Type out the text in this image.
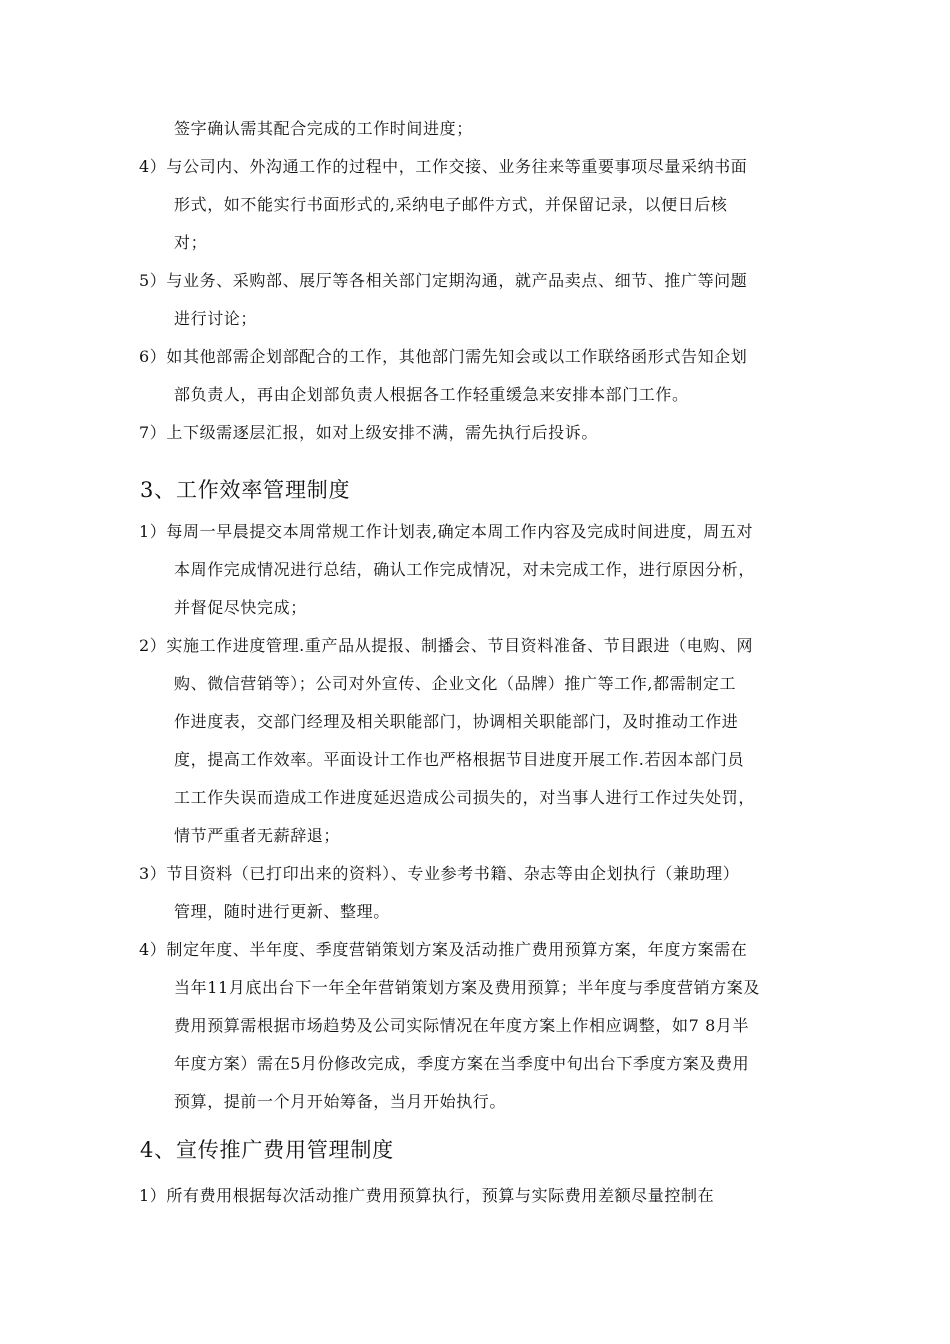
签字确认需其配合完成的工作时间进度；
4）与公司内、外沟通工作的过程中，工作交接、业务往来等重要事项尽量采纳书面
形式，如不能实行书面形式的,采纳电子邮件方式，并保留记录，以便日后核
对；
5）与业务、采购部、展厅等各相关部门定期沟通，就产品卖点、细节、推广等问题
进行讨论；
6）如其他部需企划部配合的工作，其他部门需先知会或以工作联络函形式告知企划
部负责人，再由企划部负责人根据各工作轻重缓急来安排本部门工作。
7）上下级需逐层汇报，如对上级安排不满，需先执行后投诉。
3、工作效率管理制度
1）每周一早晨提交本周常规工作计划表,确定本周工作内容及完成时间进度，周五对
本周作完成情况进行总结，确认工作完成情况，对未完成工作，进行原因分析，
并督促尽快完成；
2）实施工作进度管理.重产品从提报、制播会、节目资料准备、节目跟进（电购、网
购、微信营销等）；公司对外宣传、企业文化（品牌）推广等工作,都需制定工
作进度表，交部门经理及相关职能部门，协调相关职能部门，及时推动工作进
度，提高工作效率。平面设计工作也严格根据节目进度开展工作.若因本部门员
工工作失误而造成工作进度延迟造成公司损失的，对当事人进行工作过失处罚，
情节严重者无薪辞退；
3）节目资料（已打印出来的资料）、专业参考书籍、杂志等由企划执行（兼助理）
管理，随时进行更新、整理。
4）制定年度、半年度、季度营销策划方案及活动推广费用预算方案，年度方案需在
当年11月底出台下一年全年营销策划方案及费用预算；半年度与季度营销方案及
费用预算需根据市场趋势及公司实际情况在年度方案上作相应调整，如7 8月半
年度方案）需在5月份修改完成，季度方案在当季度中旬出台下季度方案及费用
预算，提前一个月开始筹备，当月开始执行。
4、宣传推广费用管理制度
1）所有费用根据每次活动推广费用预算执行，预算与实际费用差额尽量控制在
